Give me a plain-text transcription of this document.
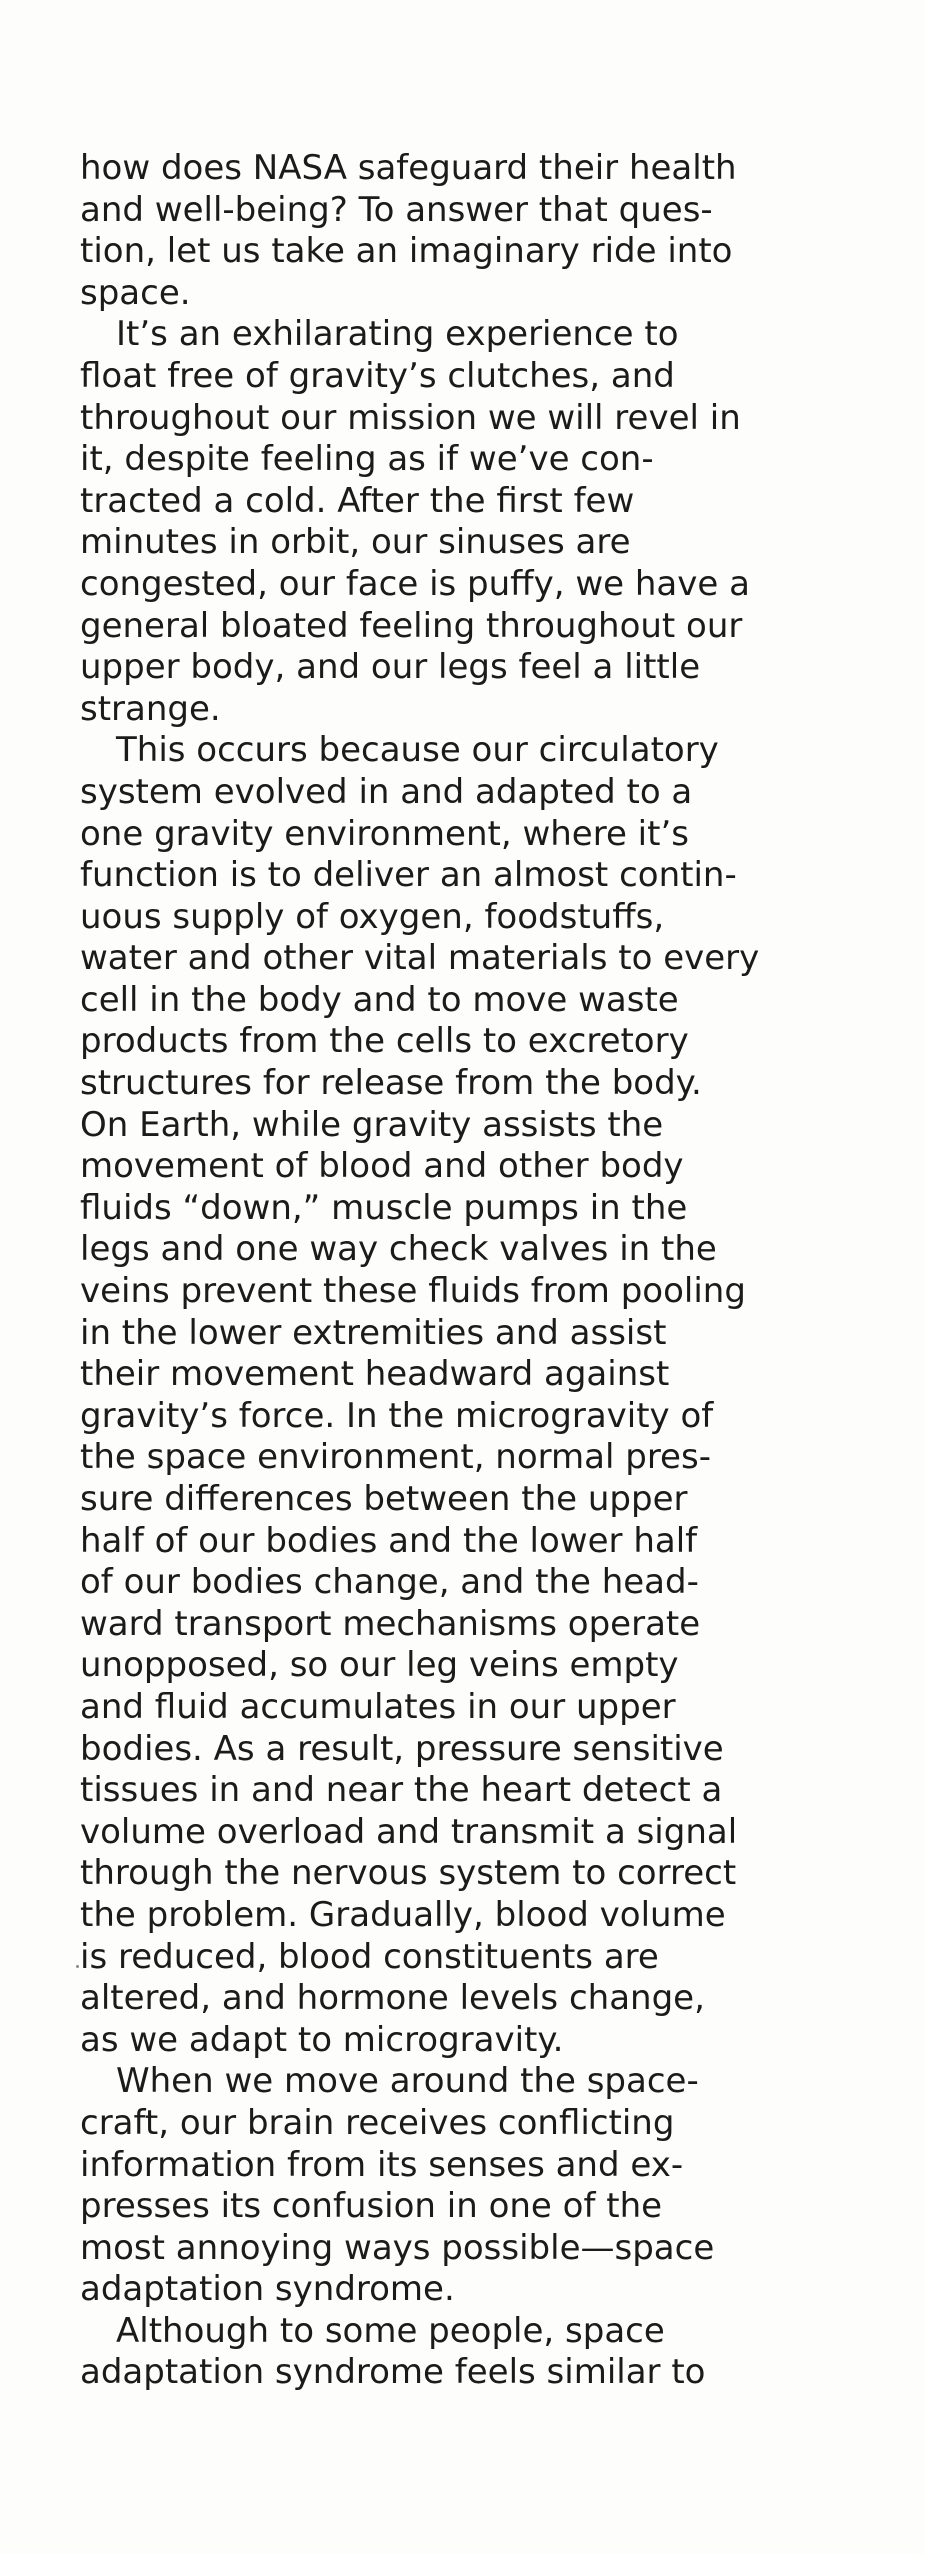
how does NASA safeguard their health
and well-being? To answer that ques-
tion, let us take an imaginary ride into
space.

It’s an exhilarating experience to
float free of gravity’s clutches, and
throughout our mission we will revel in
it, despite feeling as if we’ve con-
tracted a cold. After the first few
minutes in orbit, our sinuses are
congested, our face is puffy, we have a
general bloated feeling throughout our
upper body, and our legs feel a little
strange.

This occurs because our circulatory
system evolved in and adapted to a
one gravity environment, where it’s
function is to deliver an almost contin-
uous supply of oxygen, foodstuffs,
water and other vital materials to every
cell in the body and to move waste
products from the cells to excretory
structures for release from the body.
On Earth, while gravity assists the
movement of blood and other body
fluids “down,” muscle pumps in the
legs and one way check valves in the
veins prevent these fluids from pooling
in the lower extremities and assist
their movement headward against
gravity’s force. In the microgravity of
the space environment, normal pres-
sure differences between the upper
half of our bodies and the lower half
of our bodies change, and the head-
ward transport mechanisms operate
unopposed, so our leg veins empty
and fluid accumulates in our upper
bodies. As a result, pressure sensitive
tissues in and near the heart detect a
volume overload and transmit a signal
through the nervous system to correct
the problem. Gradually, blood volume
is reduced, blood constituents are
altered, and hormone levels change,
as we adapt to microgravity.

When we move around the space-
craft, our brain receives conflicting
information from its senses and ex-
presses its confusion in one of the
most annoying ways possible—space
adaptation syndrome.

Although to some people, space
adaptation syndrome feels similar to
